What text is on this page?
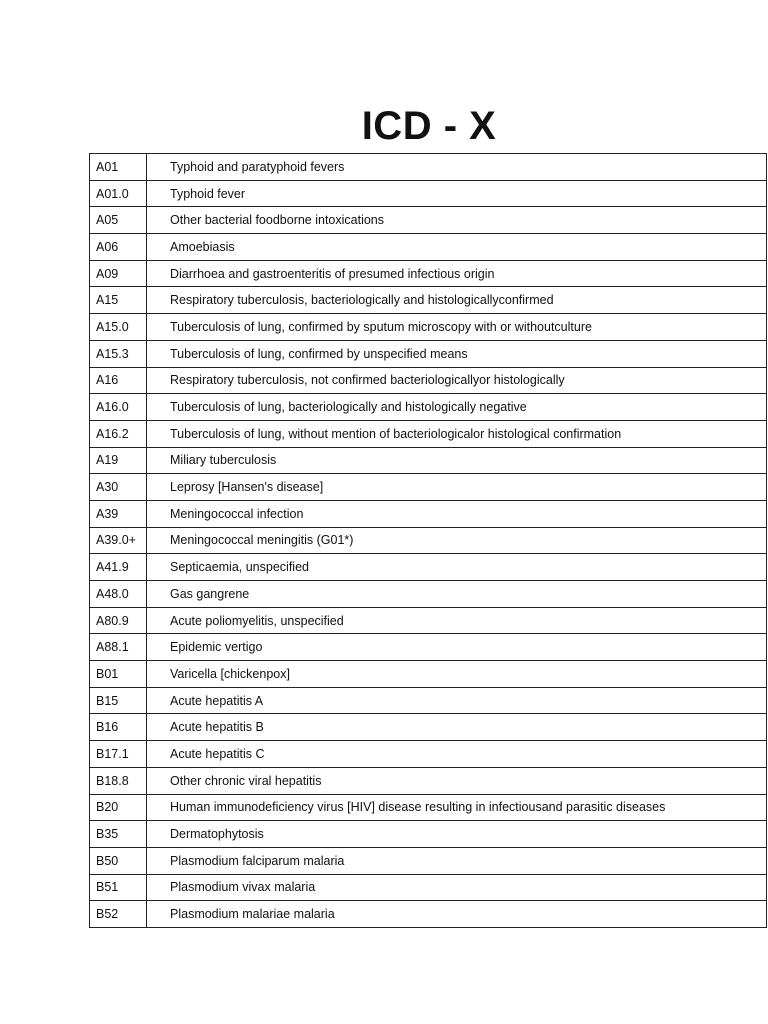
ICD - X
A01	Typhoid and paratyphoid fevers
A01.0	Typhoid fever
A05	Other bacterial foodborne intoxications
A06	Amoebiasis
A09	Diarrhoea and gastroenteritis of presumed infectious origin
A15	Respiratory tuberculosis, bacteriologically and histologicallyconfirmed
A15.0	Tuberculosis of lung, confirmed by sputum microscopy with or withoutculture
A15.3	Tuberculosis of lung, confirmed by unspecified means
A16	Respiratory tuberculosis, not confirmed bacteriologicallyor histologically
A16.0	Tuberculosis of lung, bacteriologically and histologically negative
A16.2	Tuberculosis of lung, without mention of bacteriologicalor histological confirmation
A19	Miliary tuberculosis
A30	Leprosy [Hansen's disease]
A39	Meningococcal infection
A39.0+	Meningococcal meningitis (G01*)
A41.9	Septicaemia, unspecified
A48.0	Gas gangrene
A80.9	Acute poliomyelitis, unspecified
A88.1	Epidemic vertigo
B01	Varicella [chickenpox]
B15	Acute hepatitis A
B16	Acute hepatitis B
B17.1	Acute hepatitis C
B18.8	Other chronic viral hepatitis
B20	Human immunodeficiency virus [HIV] disease resulting in infectiousand parasitic diseases
B35	Dermatophytosis
B50	Plasmodium falciparum malaria
B51	Plasmodium vivax malaria
B52	Plasmodium malariae malaria
